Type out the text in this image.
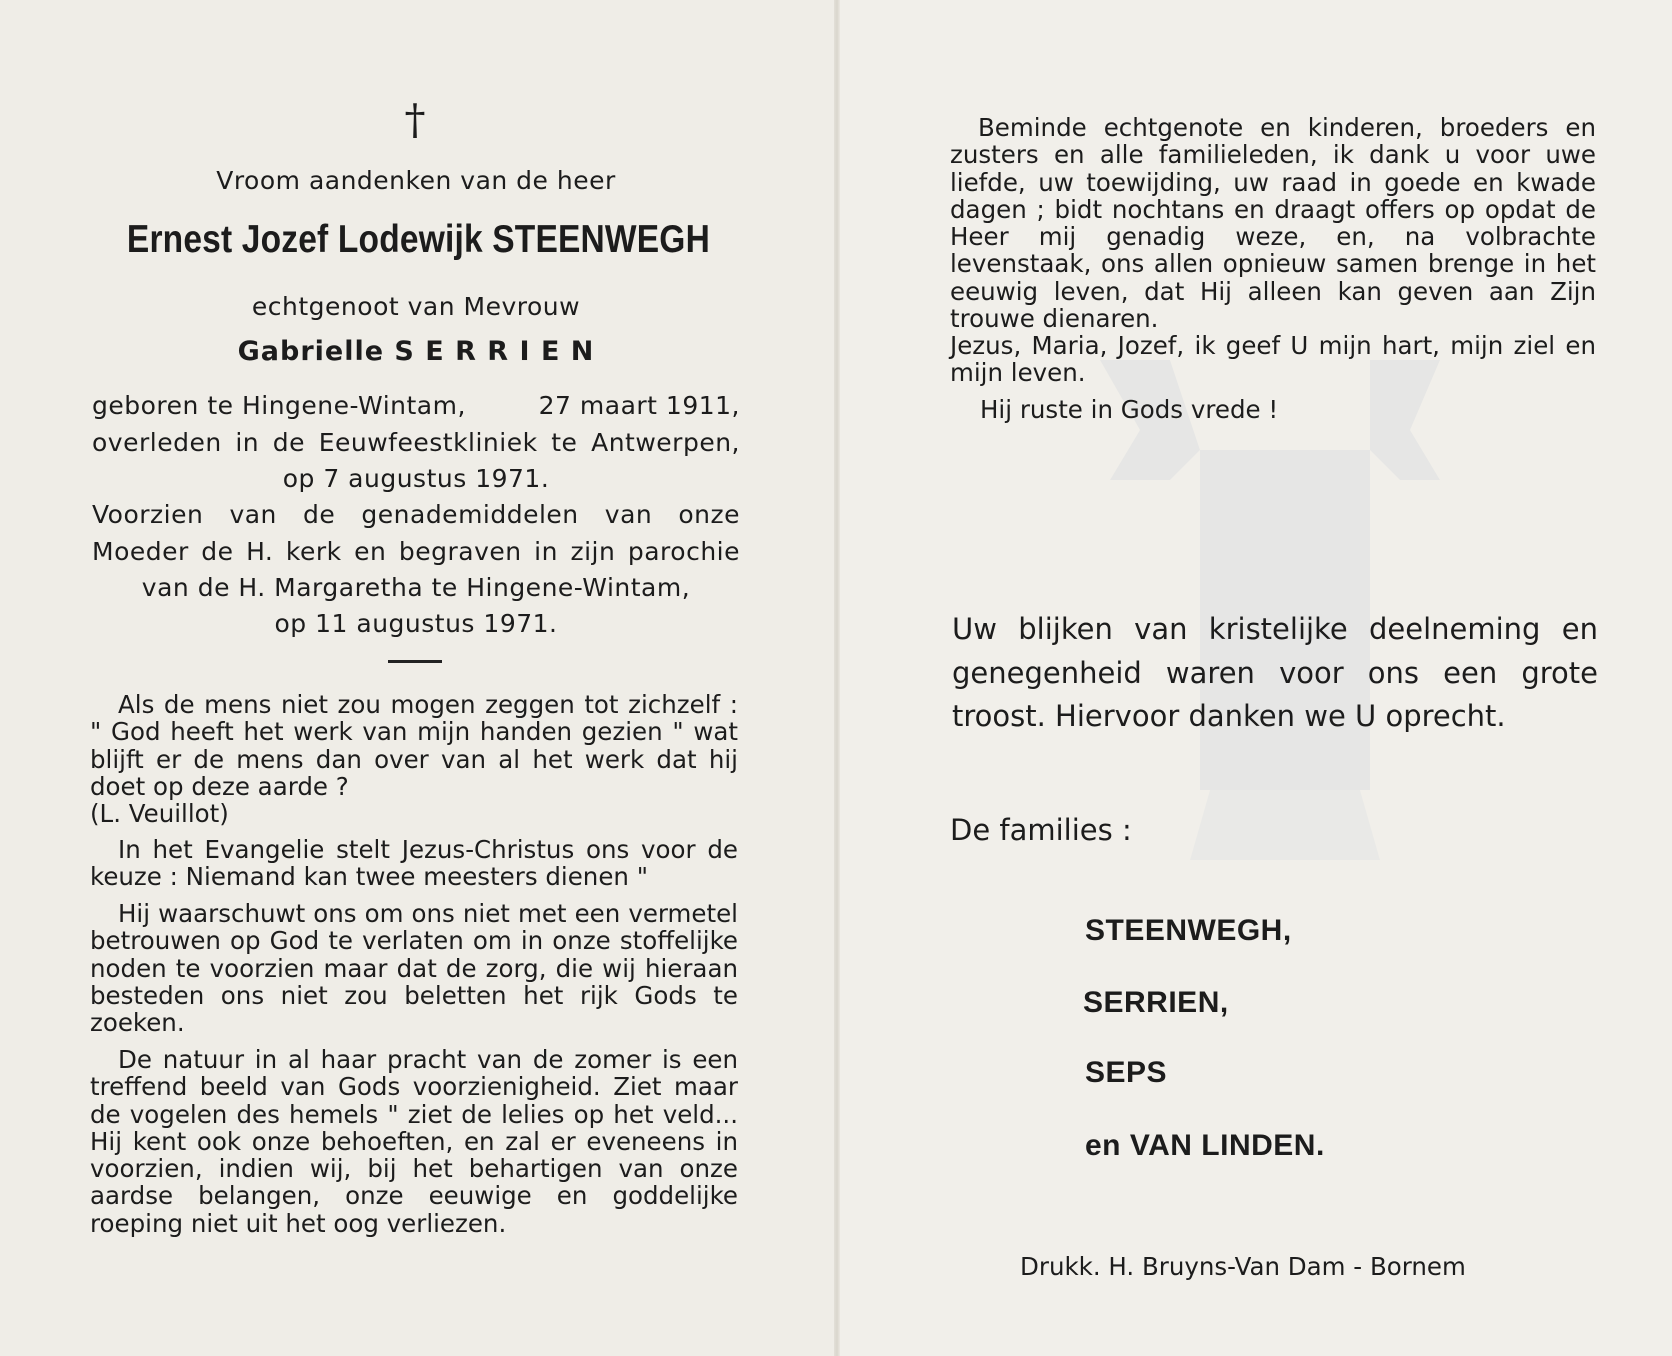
†
Vroom aandenken van de heer
Ernest Jozef Lodewijk STEENWEGH
echtgenoot van Mevrouw
Gabrielle S E R R I E N
geboren te Hingene-Wintam,	27 maart 1911,
overleden in de Eeuwfeestkliniek te Antwerpen,
op 7 augustus 1971.
Voorzien van de genademiddelen van onze
Moeder de H. kerk en begraven in zijn parochie
van de H. Margaretha te Hingene-Wintam,
op 11 augustus 1971.
Als de mens niet zou mogen zeggen tot zichzelf : " God heeft het werk van mijn handen gezien " wat blijft er de mens dan over van al het werk dat hij doet op deze aarde ?
(L. Veuillot)
In het Evangelie stelt Jezus-Christus ons voor de keuze : Niemand kan twee meesters dienen "
Hij waarschuwt ons om ons niet met een vermetel betrouwen op God te verlaten om in onze stoffelijke noden te voorzien maar dat de zorg, die wij hieraan besteden ons niet zou beletten het rijk Gods te zoeken.
De natuur in al haar pracht van de zomer is een treffend beeld van Gods voorzienigheid. Ziet maar de vogelen des hemels " ziet de lelies op het veld... Hij kent ook onze behoeften, en zal er eveneens in voorzien, indien wij, bij het behartigen van onze aardse belangen, onze eeuwige en goddelijke roeping niet uit het oog verliezen.
Beminde echtgenote en kinderen, broeders en zusters en alle familieleden, ik dank u voor uwe liefde, uw toewijding, uw raad in goede en kwade dagen ; bidt nochtans en draagt offers op opdat de Heer mij genadig weze, en, na volbrachte levenstaak, ons allen opnieuw samen brenge in het eeuwig leven, dat Hij alleen kan geven aan Zijn trouwe dienaren.
Jezus, Maria, Jozef, ik geef U mijn hart, mijn ziel en mijn leven.
Hij ruste in Gods vrede !
Uw blijken van kristelijke deelneming en genegenheid waren voor ons een grote troost. Hiervoor danken we U oprecht.
De families :
STEENWEGH,
SERRIEN,
SEPS
en VAN LINDEN.
Drukk. H. Bruyns-Van Dam - Bornem
